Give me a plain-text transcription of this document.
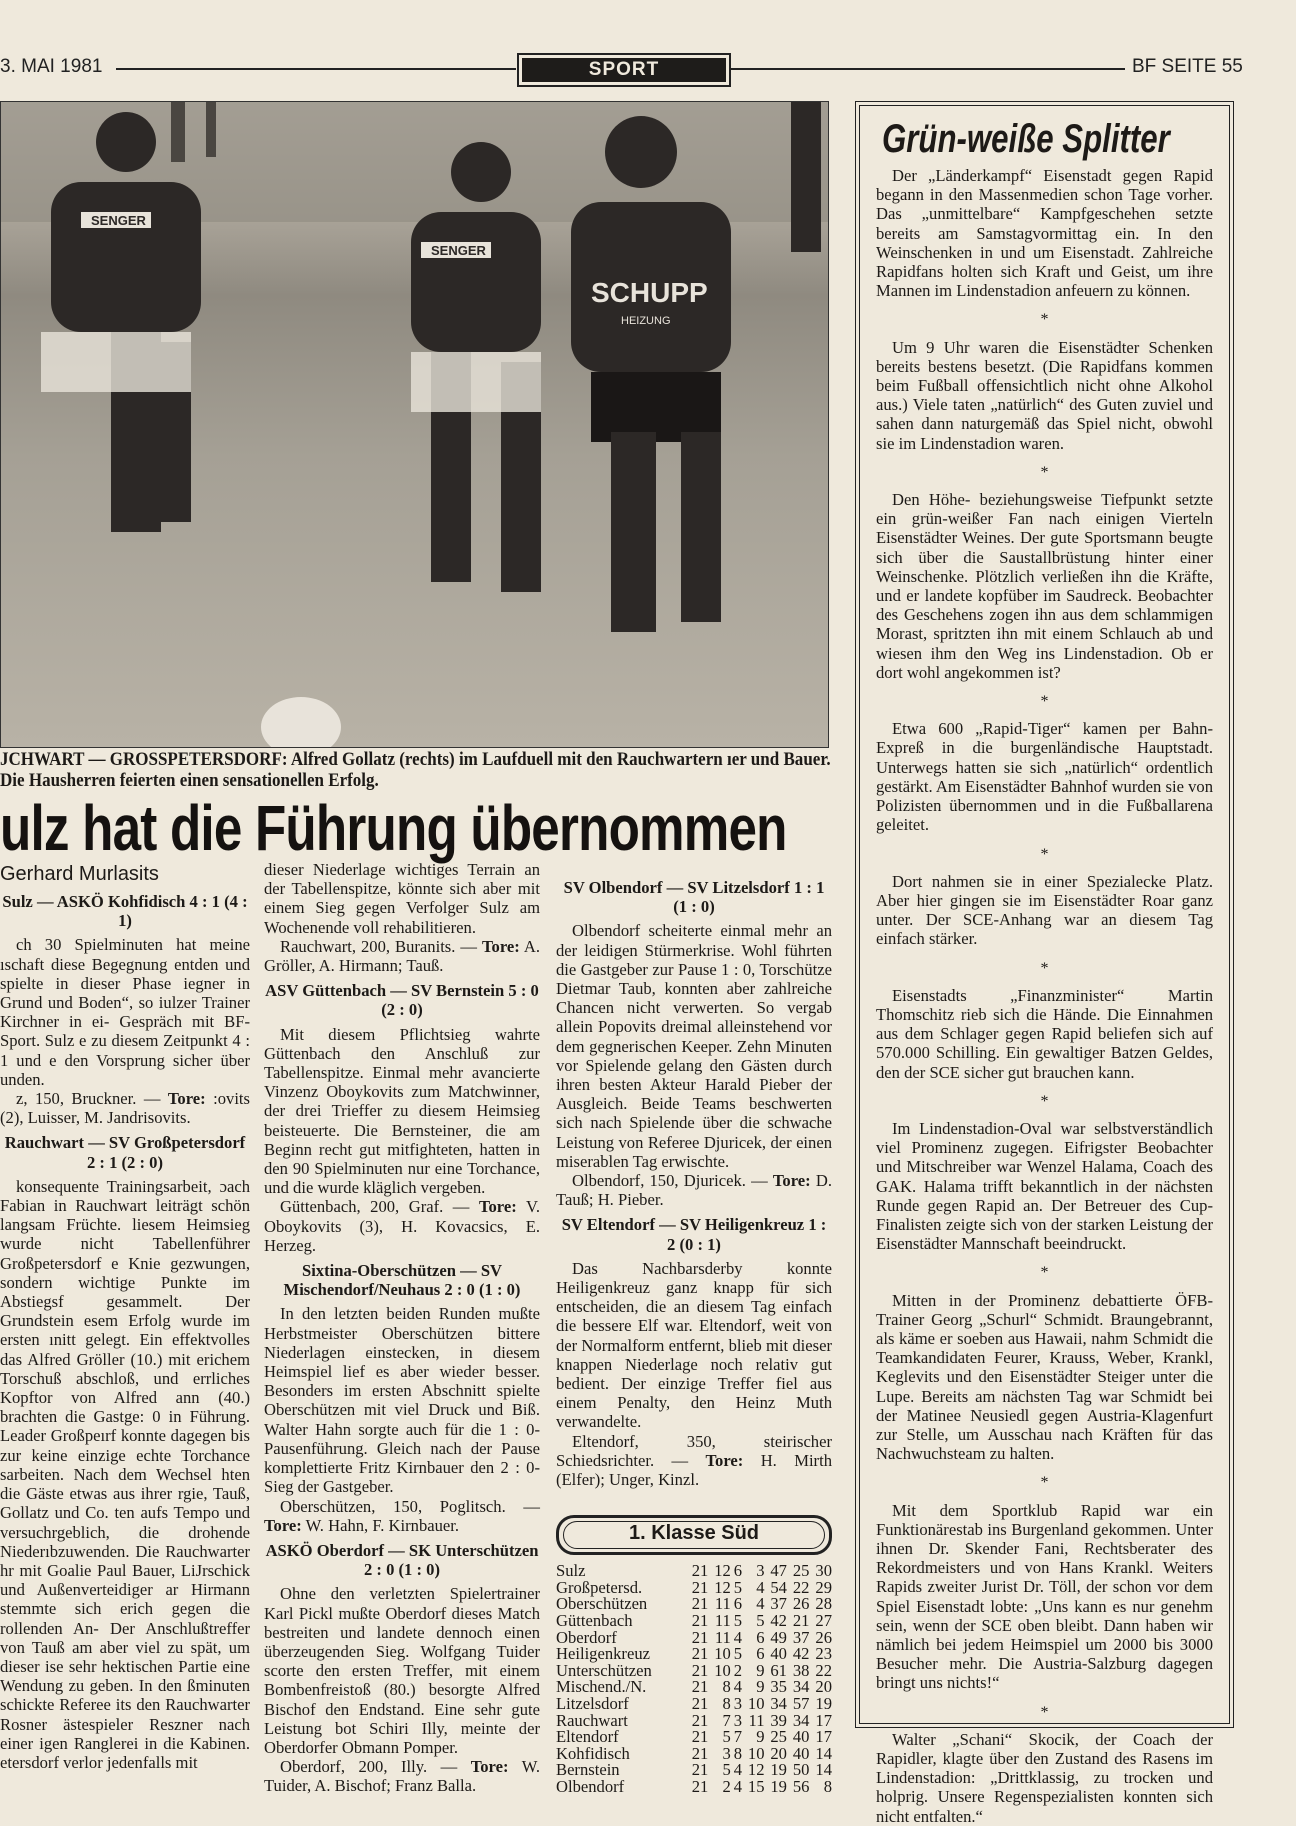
3. MAI 1981	SPORT	BF SEITE 55
SENGER
SENGER
SCHUPP
HEIZUNG
JCHWART — GROSSPETERSDORF: Alfred Gollatz (rechts) im Laufduell mit den Rauchwartern ıer und Bauer. Die Hausherren feierten einen sensationellen Erfolg.
ulz hat die Führung übernommen
Gerhard Murlasits
Sulz — ASKÖ Kohfidisch 4 : 1 (4 : 1)

ch 30 Spielminuten hat meine ıschaft diese Begegnung entden und spielte in dieser Phase iegner in Grund und Boden“, so iulzer Trainer Kirchner in ei- Gespräch mit BF-Sport. Sulz e zu diesem Zeitpunkt 4 : 1 und e den Vorsprung sicher über unden.

z, 150, Bruckner. — Tore: :ovits (2), Luisser, M. Jandrisovits.

Rauchwart — SV Großpetersdorf 2 : 1 (2 : 0)

konsequente Trainingsarbeit, ɔach Fabian in Rauchwart leiträgt schön langsam Früchte. liesem Heimsieg wurde nicht Tabellenführer Großpetersdorf e Knie gezwungen, sondern wichtige Punkte im Abstiegsf gesammelt. Der Grundstein esem Erfolg wurde im ersten ınitt gelegt. Ein effektvolles das Alfred Gröller (10.) mit erichem Torschuß abschloß, und errliches Kopftor von Alfred ann (40.) brachten die Gastge: 0 in Führung. Leader Großpeırf konnte dagegen bis zur keine einzige echte Torchance sarbeiten. Nach dem Wechsel hten die Gäste etwas aus ihrer rgie, Tauß, Gollatz und Co. ten aufs Tempo und versuchrgeblich, die drohende Niederıbzuwenden. Die Rauchwarter hr mit Goalie Paul Bauer, LiJrschick und Außenverteidiger ar Hirmann stemmte sich erich gegen die rollenden An- Der Anschlußtreffer von Tauß am aber viel zu spät, um dieser ise sehr hektischen Partie eine Wendung zu geben. In den ßminuten schickte Referee its den Rauchwarter Rosner ästespieler Reszner nach einer igen Ranglerei in die Kabinen. etersdorf verlor jedenfalls mit

dieser Niederlage wichtiges Terrain an der Tabellenspitze, könnte sich aber mit einem Sieg gegen Verfolger Sulz am Wochenende voll rehabilitieren.

Rauchwart, 200, Buranits. — Tore: A. Gröller, A. Hirmann; Tauß.

ASV Güttenbach — SV Bernstein 5 : 0 (2 : 0)

Mit diesem Pflichtsieg wahrte Güttenbach den Anschluß zur Tabellenspitze. Einmal mehr avancierte Vinzenz Oboykovits zum Matchwinner, der drei Trieffer zu diesem Heimsieg beisteuerte. Die Bernsteiner, die am Beginn recht gut mitfighteten, hatten in den 90 Spielminuten nur eine Torchance, und die wurde kläglich vergeben.

Güttenbach, 200, Graf. — Tore: V. Oboykovits (3), H. Kovacsics, E. Herzeg.

Sixtina-Oberschützen — SV Mischendorf/Neuhaus 2 : 0 (1 : 0)

In den letzten beiden Runden mußte Herbstmeister Oberschützen bittere Niederlagen einstecken, in diesem Heimspiel lief es aber wieder besser. Besonders im ersten Abschnitt spielte Oberschützen mit viel Druck und Biß. Walter Hahn sorgte auch für die 1 : 0-Pausenführung. Gleich nach der Pause komplettierte Fritz Kirnbauer den 2 : 0-Sieg der Gastgeber.

Oberschützen, 150, Poglitsch. — Tore: W. Hahn, F. Kirnbauer.

ASKÖ Oberdorf — SK Unterschützen 2 : 0 (1 : 0)

Ohne den verletzten Spielertrainer Karl Pickl mußte Oberdorf dieses Match bestreiten und landete dennoch einen überzeugenden Sieg. Wolfgang Tuider scorte den ersten Treffer, mit einem Bombenfreistoß (80.) besorgte Alfred Bischof den Endstand. Eine sehr gute Leistung bot Schiri Illy, meinte der Oberdorfer Obmann Pomper.

Oberdorf, 200, Illy. — Tore: W. Tuider, A. Bischof; Franz Balla.

SV Olbendorf — SV Litzelsdorf 1 : 1 (1 : 0)

Olbendorf scheiterte einmal mehr an der leidigen Stürmerkrise. Wohl führten die Gastgeber zur Pause 1 : 0, Torschütze Dietmar Taub, konnten aber zahlreiche Chancen nicht verwerten. So vergab allein Popovits dreimal alleinstehend vor dem gegnerischen Keeper. Zehn Minuten vor Spielende gelang den Gästen durch ihren besten Akteur Harald Pieber der Ausgleich. Beide Teams beschwerten sich nach Spielende über die schwache Leistung von Referee Djuricek, der einen miserablen Tag erwischte.

Olbendorf, 150, Djuricek. — Tore: D. Tauß; H. Pieber.

SV Eltendorf — SV Heiligenkreuz 1 : 2 (0 : 1)

Das Nachbarsderby konnte Heiligenkreuz ganz knapp für sich entscheiden, die an diesem Tag einfach die bessere Elf war. Eltendorf, weit von der Normalform entfernt, blieb mit dieser knappen Niederlage noch relativ gut bedient. Der einzige Treffer fiel aus einem Penalty, den Heinz Muth verwandelte.

Eltendorf, 350, steirischer Schiedsrichter. — Tore: H. Mirth (Elfer); Unger, Kinzl.

1. Klasse Süd
Sulz	21	12	6	3	47	25	30
Großpetersd.	21	12	5	4	54	22	29
Oberschützen	21	11	6	4	37	26	28
Güttenbach	21	11	5	5	42	21	27
Oberdorf	21	11	4	6	49	37	26
Heiligenkreuz	21	10	5	6	40	42	23
Unterschützen	21	10	2	9	61	38	22
Mischend./N.	21	8	4	9	35	34	20
Litzelsdorf	21	8	3	10	34	57	19
Rauchwart	21	7	3	11	39	34	17
Eltendorf	21	5	7	9	25	40	17
Kohfidisch	21	3	8	10	20	40	14
Bernstein	21	5	4	12	19	50	14
Olbendorf	21	2	4	15	19	56	8
Grün-weiße Splitter

Der „Länderkampf“ Eisenstadt gegen Rapid begann in den Massenmedien schon Tage vorher. Das „unmittelbare“ Kampfgeschehen setzte bereits am Samstagvormittag ein. In den Weinschenken in und um Eisenstadt. Zahlreiche Rapidfans holten sich Kraft und Geist, um ihre Mannen im Lindenstadion anfeuern zu können.

*

Um 9 Uhr waren die Eisenstädter Schenken bereits bestens besetzt. (Die Rapidfans kommen beim Fußball offensichtlich nicht ohne Alkohol aus.) Viele taten „natürlich“ des Guten zuviel und sahen dann naturgemäß das Spiel nicht, obwohl sie im Lindenstadion waren.

*

Den Höhe- beziehungsweise Tiefpunkt setzte ein grün-weißer Fan nach einigen Vierteln Eisenstädter Weines. Der gute Sportsmann beugte sich über die Saustallbrüstung hinter einer Weinschenke. Plötzlich verließen ihn die Kräfte, und er landete kopfüber im Saudreck. Beobachter des Geschehens zogen ihn aus dem schlammigen Morast, spritzten ihn mit einem Schlauch ab und wiesen ihm den Weg ins Lindenstadion. Ob er dort wohl angekommen ist?

*

Etwa 600 „Rapid-Tiger“ kamen per Bahn-Expreß in die burgenländische Hauptstadt. Unterwegs hatten sie sich „natürlich“ ordentlich gestärkt. Am Eisenstädter Bahnhof wurden sie von Polizisten übernommen und in die Fußballarena geleitet.

*

Dort nahmen sie in einer Spezialecke Platz. Aber hier gingen sie im Eisenstädter Roar ganz unter. Der SCE-Anhang war an diesem Tag einfach stärker.

*

Eisenstadts „Finanzminister“ Martin Thomschitz rieb sich die Hände. Die Einnahmen aus dem Schlager gegen Rapid beliefen sich auf 570.000 Schilling. Ein gewaltiger Batzen Geldes, den der SCE sicher gut brauchen kann.

*

Im Lindenstadion-Oval war selbstverständlich viel Prominenz zugegen. Eifrigster Beobachter und Mitschreiber war Wenzel Halama, Coach des GAK. Halama trifft bekanntlich in der nächsten Runde gegen Rapid an. Der Betreuer des Cup-Finalisten zeigte sich von der starken Leistung der Eisenstädter Mannschaft beeindruckt.

*

Mitten in der Prominenz debattierte ÖFB-Trainer Georg „Schurl“ Schmidt. Braungebrannt, als käme er soeben aus Hawaii, nahm Schmidt die Teamkandidaten Feurer, Krauss, Weber, Krankl, Keglevits und den Eisenstädter Steiger unter die Lupe. Bereits am nächsten Tag war Schmidt bei der Matinee Neusiedl gegen Austria-Klagenfurt zur Stelle, um Ausschau nach Kräften für das Nachwuchsteam zu halten.

*

Mit dem Sportklub Rapid war ein Funktionärestab ins Burgenland gekommen. Unter ihnen Dr. Skender Fani, Rechtsberater des Rekordmeisters und von Hans Krankl. Weiters Rapids zweiter Jurist Dr. Töll, der schon vor dem Spiel Eisenstadt lobte: „Uns kann es nur genehm sein, wenn der SCE oben bleibt. Dann haben wir nämlich bei jedem Heimspiel um 2000 bis 3000 Besucher mehr. Die Austria-Salzburg dagegen bringt uns nichts!“

*

Walter „Schani“ Skocik, der Coach der Rapidler, klagte über den Zustand des Rasens im Lindenstadion: „Drittklassig, zu trocken und holprig. Unsere Regenspezialisten konnten sich nicht entfalten.“
